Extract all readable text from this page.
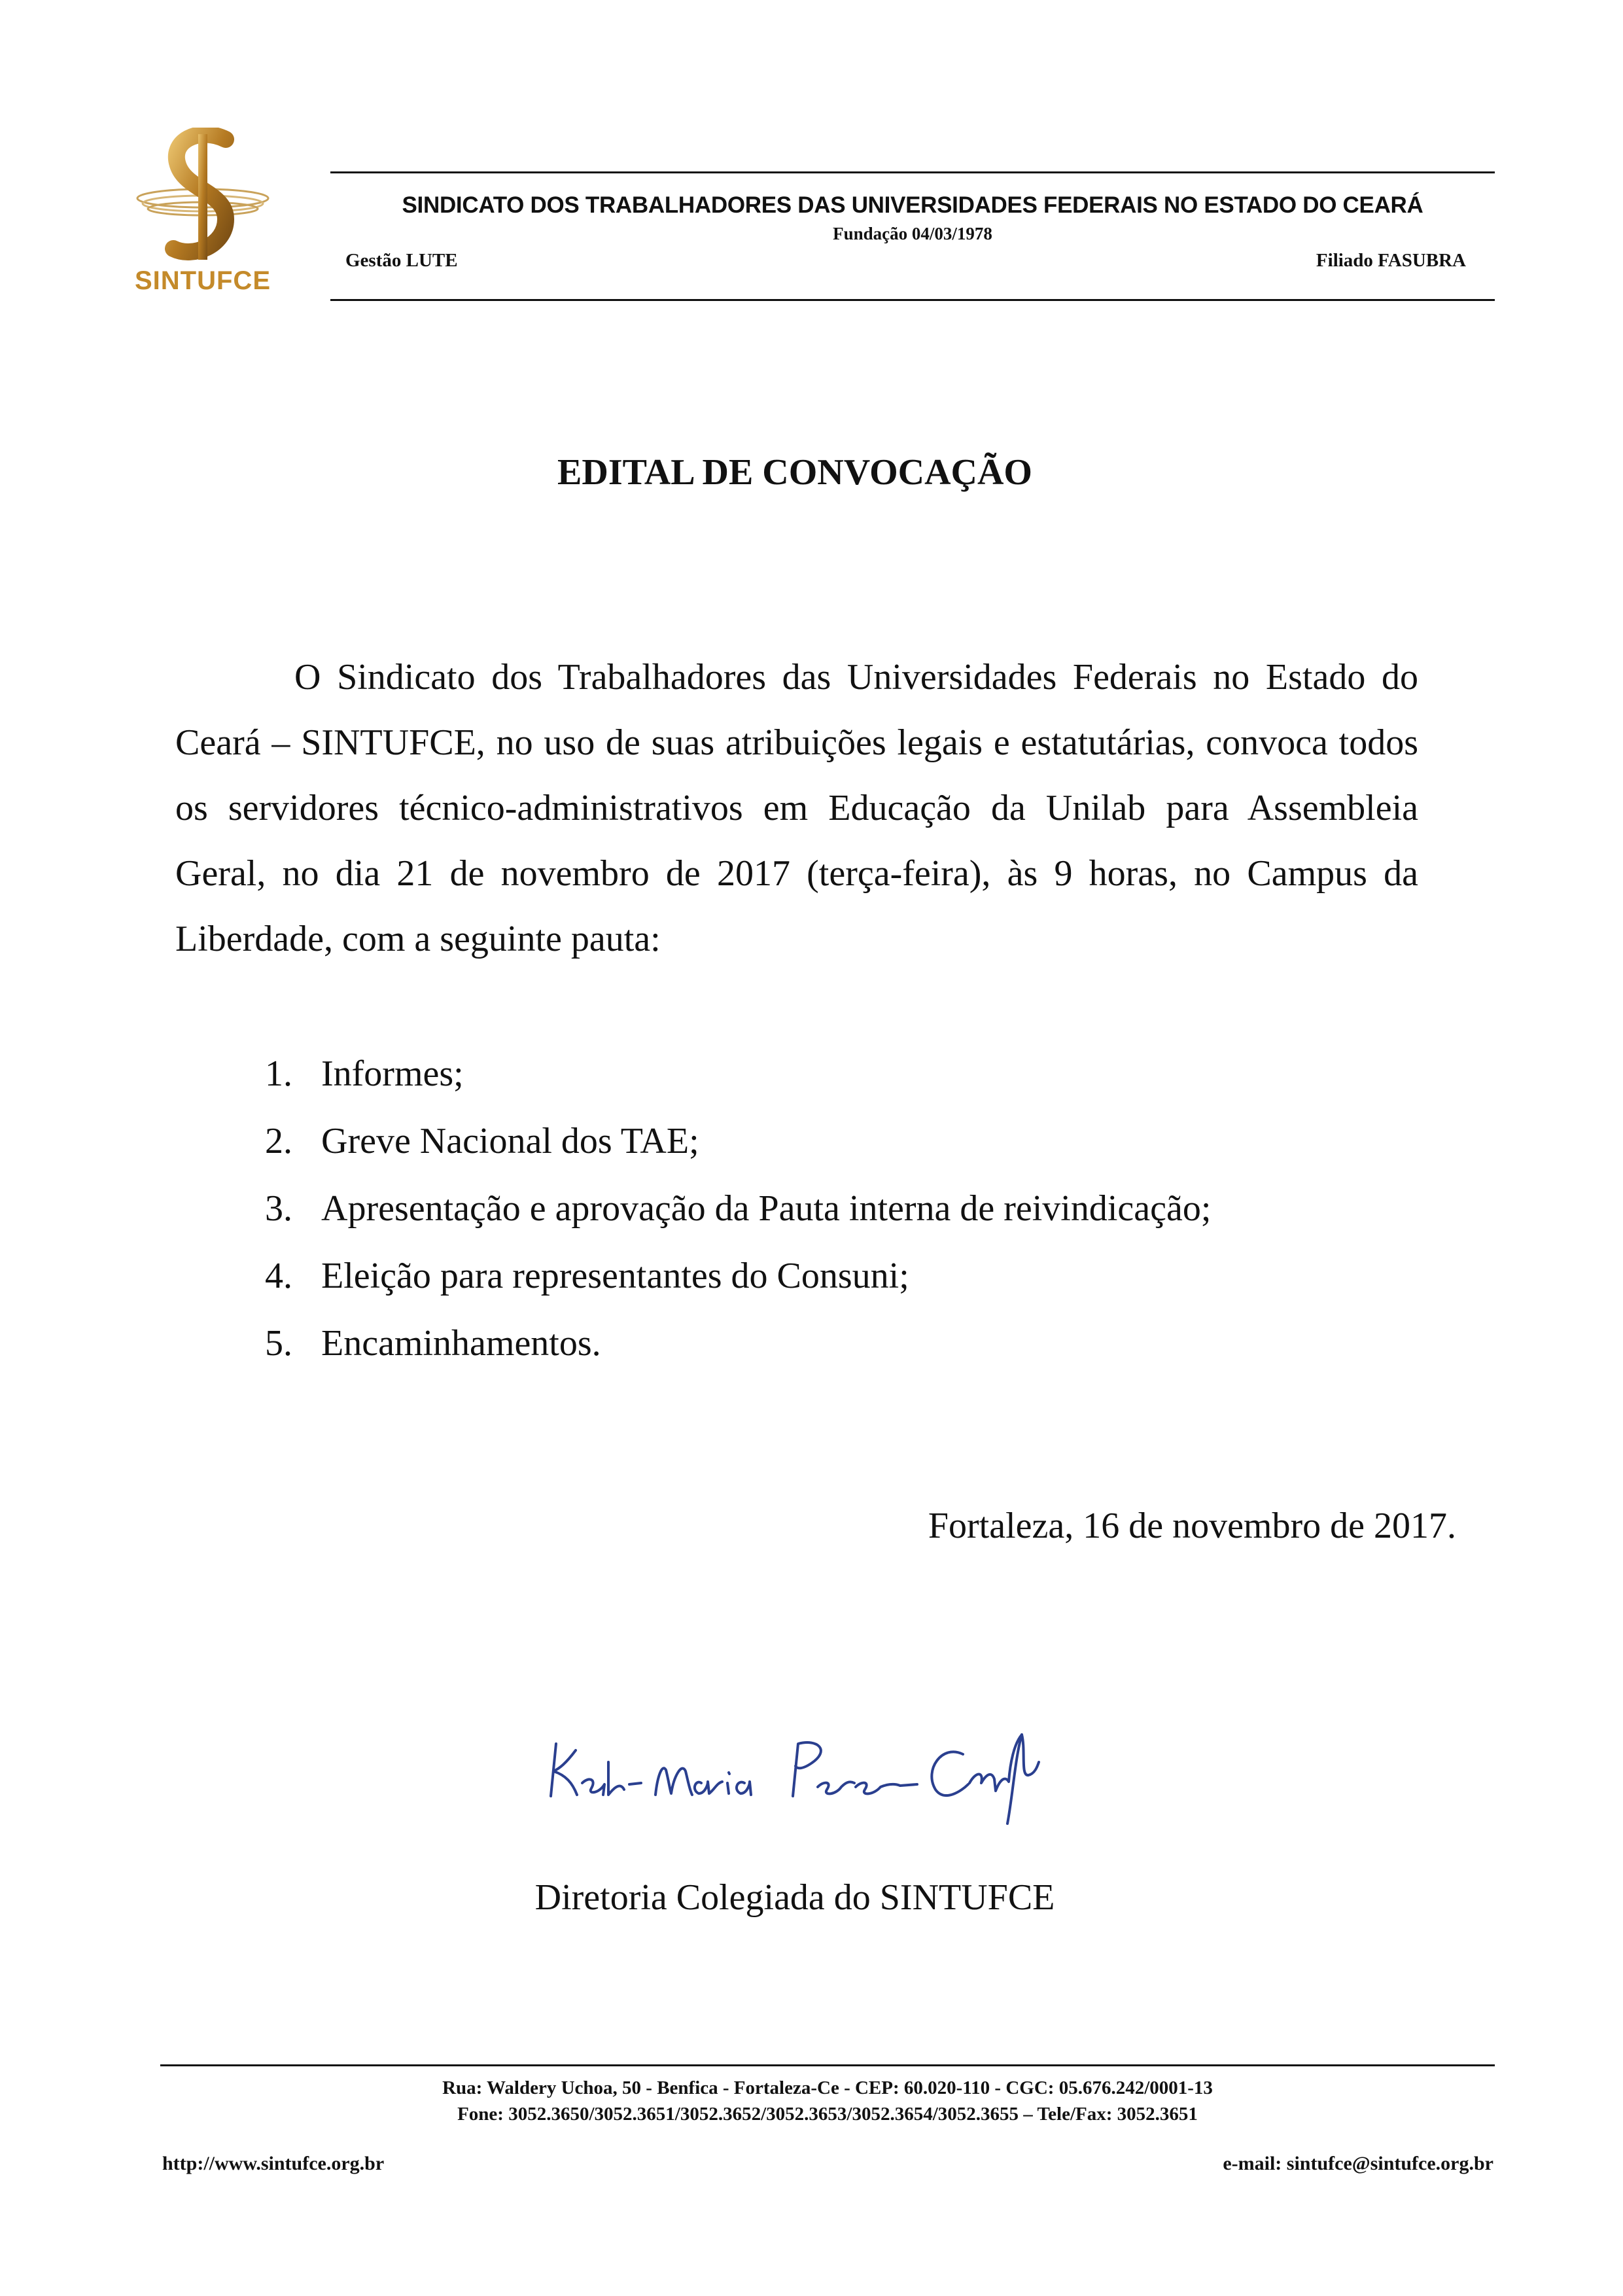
SINTUFCE
SINDICATO DOS TRABALHADORES DAS UNIVERSIDADES FEDERAIS NO ESTADO DO CEARÁ
Fundação 04/03/1978
Gestão LUTE	Filiado FASUBRA
EDITAL DE CONVOCAÇÃO
O Sindicato dos Trabalhadores das Universidades Federais no Estado do Ceará – SINTUFCE, no uso de suas atribuições legais e estatutárias, convoca todos os servidores técnico-administrativos em Educação da Unilab para Assembleia Geral, no dia 21 de novembro de 2017 (terça-feira), às 9 horas, no Campus da Liberdade, com a seguinte pauta:
1. Informes;
2. Greve Nacional dos TAE;
3. Apresentação e aprovação da Pauta interna de reivindicação;
4. Eleição para representantes do Consuni;
5. Encaminhamentos.
Fortaleza, 16 de novembro de 2017.
Diretoria Colegiada do SINTUFCE
Rua: Waldery Uchoa, 50 - Benfica - Fortaleza-Ce - CEP: 60.020-110 - CGC: 05.676.242/0001-13
Fone: 3052.3650/3052.3651/3052.3652/3052.3653/3052.3654/3052.3655 – Tele/Fax: 3052.3651
http://www.sintufce.org.br	e-mail: sintufce@sintufce.org.br
